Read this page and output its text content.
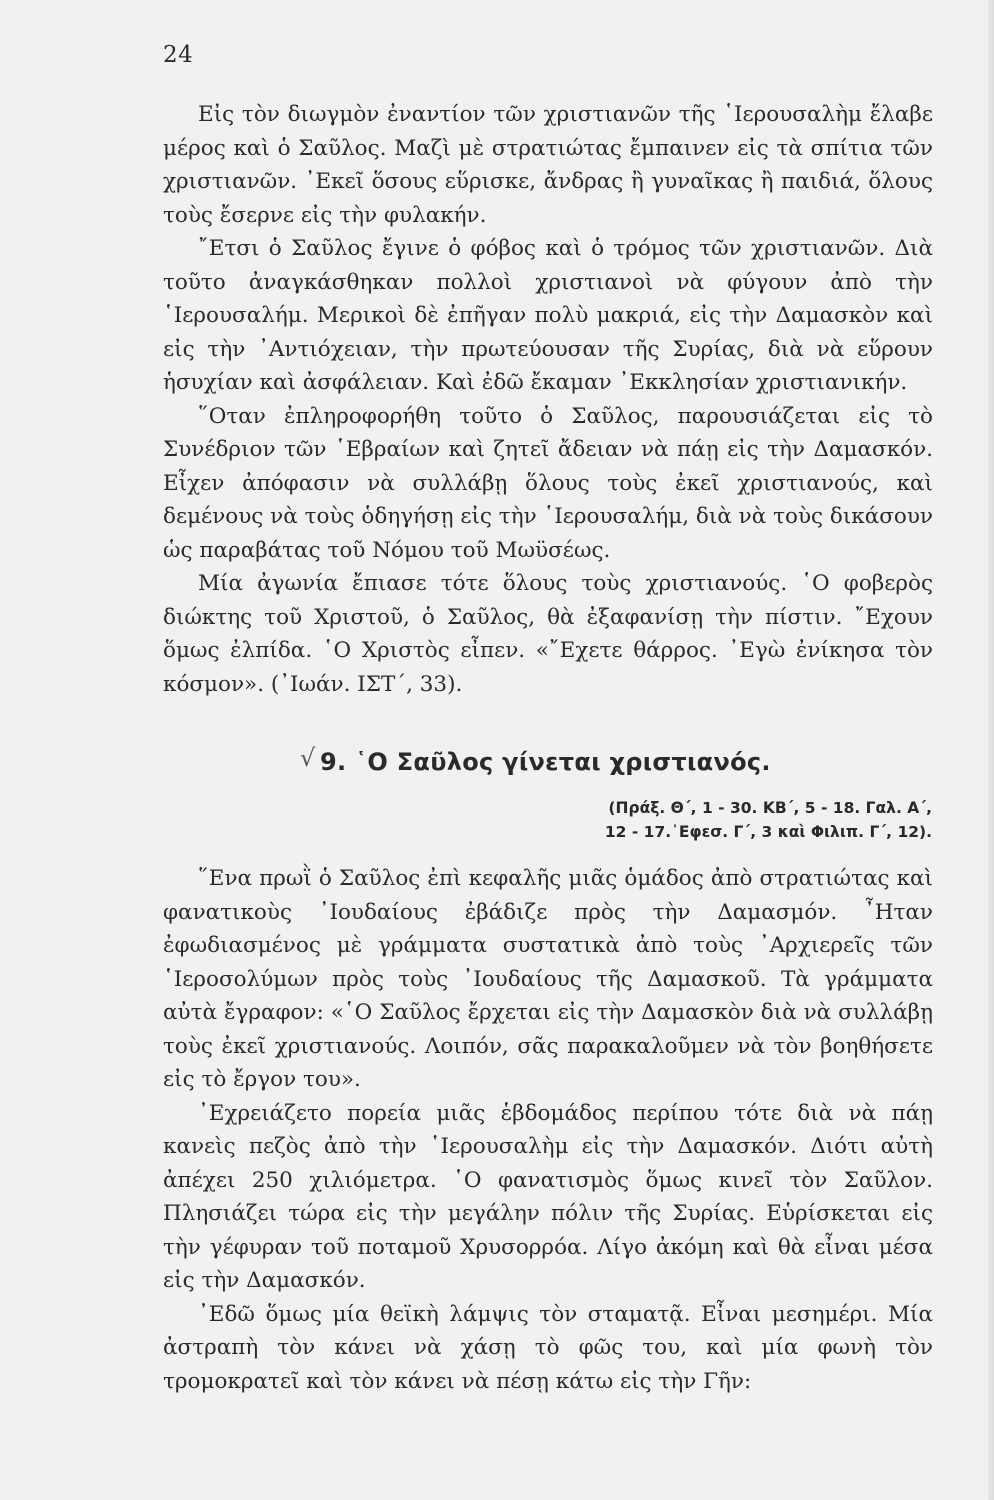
24

Εἰς τὸν διωγμὸν ἐναντίον τῶν χριστιανῶν τῆς ῾Ιερουσαλὴμ ἔλαβε μέρος καὶ ὁ Σαῦλος. Μαζὶ μὲ στρατιώτας ἔμπαινεν εἰς τὰ σπίτια τῶν χριστιανῶν. ᾿Εκεῖ ὅσους εὕρισκε, ἄνδρας ἢ γυναῖκας ἢ παιδιά, ὅλους τοὺς ἔσερνε εἰς τὴν φυλακήν.

῎Ετσι ὁ Σαῦλος ἔγινε ὁ φόβος καὶ ὁ τρόμος τῶν χριστιανῶν. Διὰ τοῦτο ἀναγκάσθηκαν πολλοὶ χριστιανοὶ νὰ φύγουν ἀπὸ τὴν ῾Ιερουσαλήμ. Μερικοὶ δὲ ἐπῆγαν πολὺ μακριά, εἰς τὴν Δαμασκὸν καὶ εἰς τὴν ᾿Αντιόχειαν, τὴν πρωτεύουσαν τῆς Συρίας, διὰ νὰ εὕρουν ἡσυχίαν καὶ ἀσφάλειαν. Καὶ ἐδῶ ἔκαμαν ᾿Εκκλησίαν χριστιανικήν.

῞Οταν ἐπληροφορήθη τοῦτο ὁ Σαῦλος, παρουσιάζεται εἰς τὸ Συνέδριον τῶν ῾Εβραίων καὶ ζητεῖ ἄδειαν νὰ πάῃ εἰς τὴν Δαμασκόν. Εἶχεν ἀπόφασιν νὰ συλλάβῃ ὅλους τοὺς ἐκεῖ χριστιανούς, καὶ δεμένους νὰ τοὺς ὁδηγήσῃ εἰς τὴν ῾Ιερουσαλήμ, διὰ νὰ τοὺς δικάσουν ὡς παραβάτας τοῦ Νόμου τοῦ Μωϋσέως.

Μία ἀγωνία ἔπιασε τότε ὅλους τοὺς χριστιανούς. ῾Ο φοβερὸς διώκτης τοῦ Χριστοῦ, ὁ Σαῦλος, θὰ ἐξαφανίσῃ τὴν πίστιν. ῎Εχουν ὅμως ἐλπίδα. ῾Ο Χριστὸς εἶπεν. «῎Εχετε θάρρος. ᾿Εγὼ ἐνίκησα τὸν κόσμον». (᾿Ιωάν. ΙΣΤ΄, 33).

√ 9. ῾Ο Σαῦλος γίνεται χριστιανός.
(Πράξ. Θ΄, 1 - 30. ΚΒ΄, 5 - 18. Γαλ. Α΄,
12 - 17.᾿Εφεσ. Γ΄, 3 καὶ Φιλιπ. Γ΄, 12).

῞Ενα πρωῒ ὁ Σαῦλος ἐπὶ κεφαλῆς μιᾶς ὁμάδος ἀπὸ στρατιώτας καὶ φανατικοὺς ᾿Ιουδαίους ἐβάδιζε πρὸς τὴν Δαμασμόν. ῏Ηταν ἐφωδιασμένος μὲ γράμματα συστατικὰ ἀπὸ τοὺς ᾿Αρχιερεῖς τῶν ῾Ιεροσολύμων πρὸς τοὺς ᾿Ιουδαίους τῆς Δαμασκοῦ. Τὰ γράμματα αὐτὰ ἔγραφον: «῾Ο Σαῦλος ἔρχεται εἰς τὴν Δαμασκὸν διὰ νὰ συλλάβῃ τοὺς ἐκεῖ χριστιανούς. Λοιπόν, σᾶς παρακαλοῦμεν νὰ τὸν βοηθήσετε εἰς τὸ ἔργον του».

᾿Εχρειάζετο πορεία μιᾶς ἑβδομάδος περίπου τότε διὰ νὰ πάῃ κανεὶς πεζὸς ἀπὸ τὴν ῾Ιερουσαλὴμ εἰς τὴν Δαμασκόν. Διότι αὐτὴ ἀπέχει 250 χιλιόμετρα. ῾Ο φανατισμὸς ὅμως κινεῖ τὸν Σαῦλον. Πλησιάζει τώρα εἰς τὴν μεγάλην πόλιν τῆς Συρίας. Εὑρίσκεται εἰς τὴν γέφυραν τοῦ ποταμοῦ Χρυσορρόα. Λίγο ἀκόμη καὶ θὰ εἶναι μέσα εἰς τὴν Δαμασκόν.

᾿Εδῶ ὅμως μία θεϊκὴ λάμψις τὸν σταματᾷ. Εἶναι μεσημέρι. Μία ἀστραπὴ τὸν κάνει νὰ χάσῃ τὸ φῶς του, καὶ μία φωνὴ τὸν τρομοκρατεῖ καὶ τὸν κάνει νὰ πέσῃ κάτω εἰς τὴν Γῆν:
